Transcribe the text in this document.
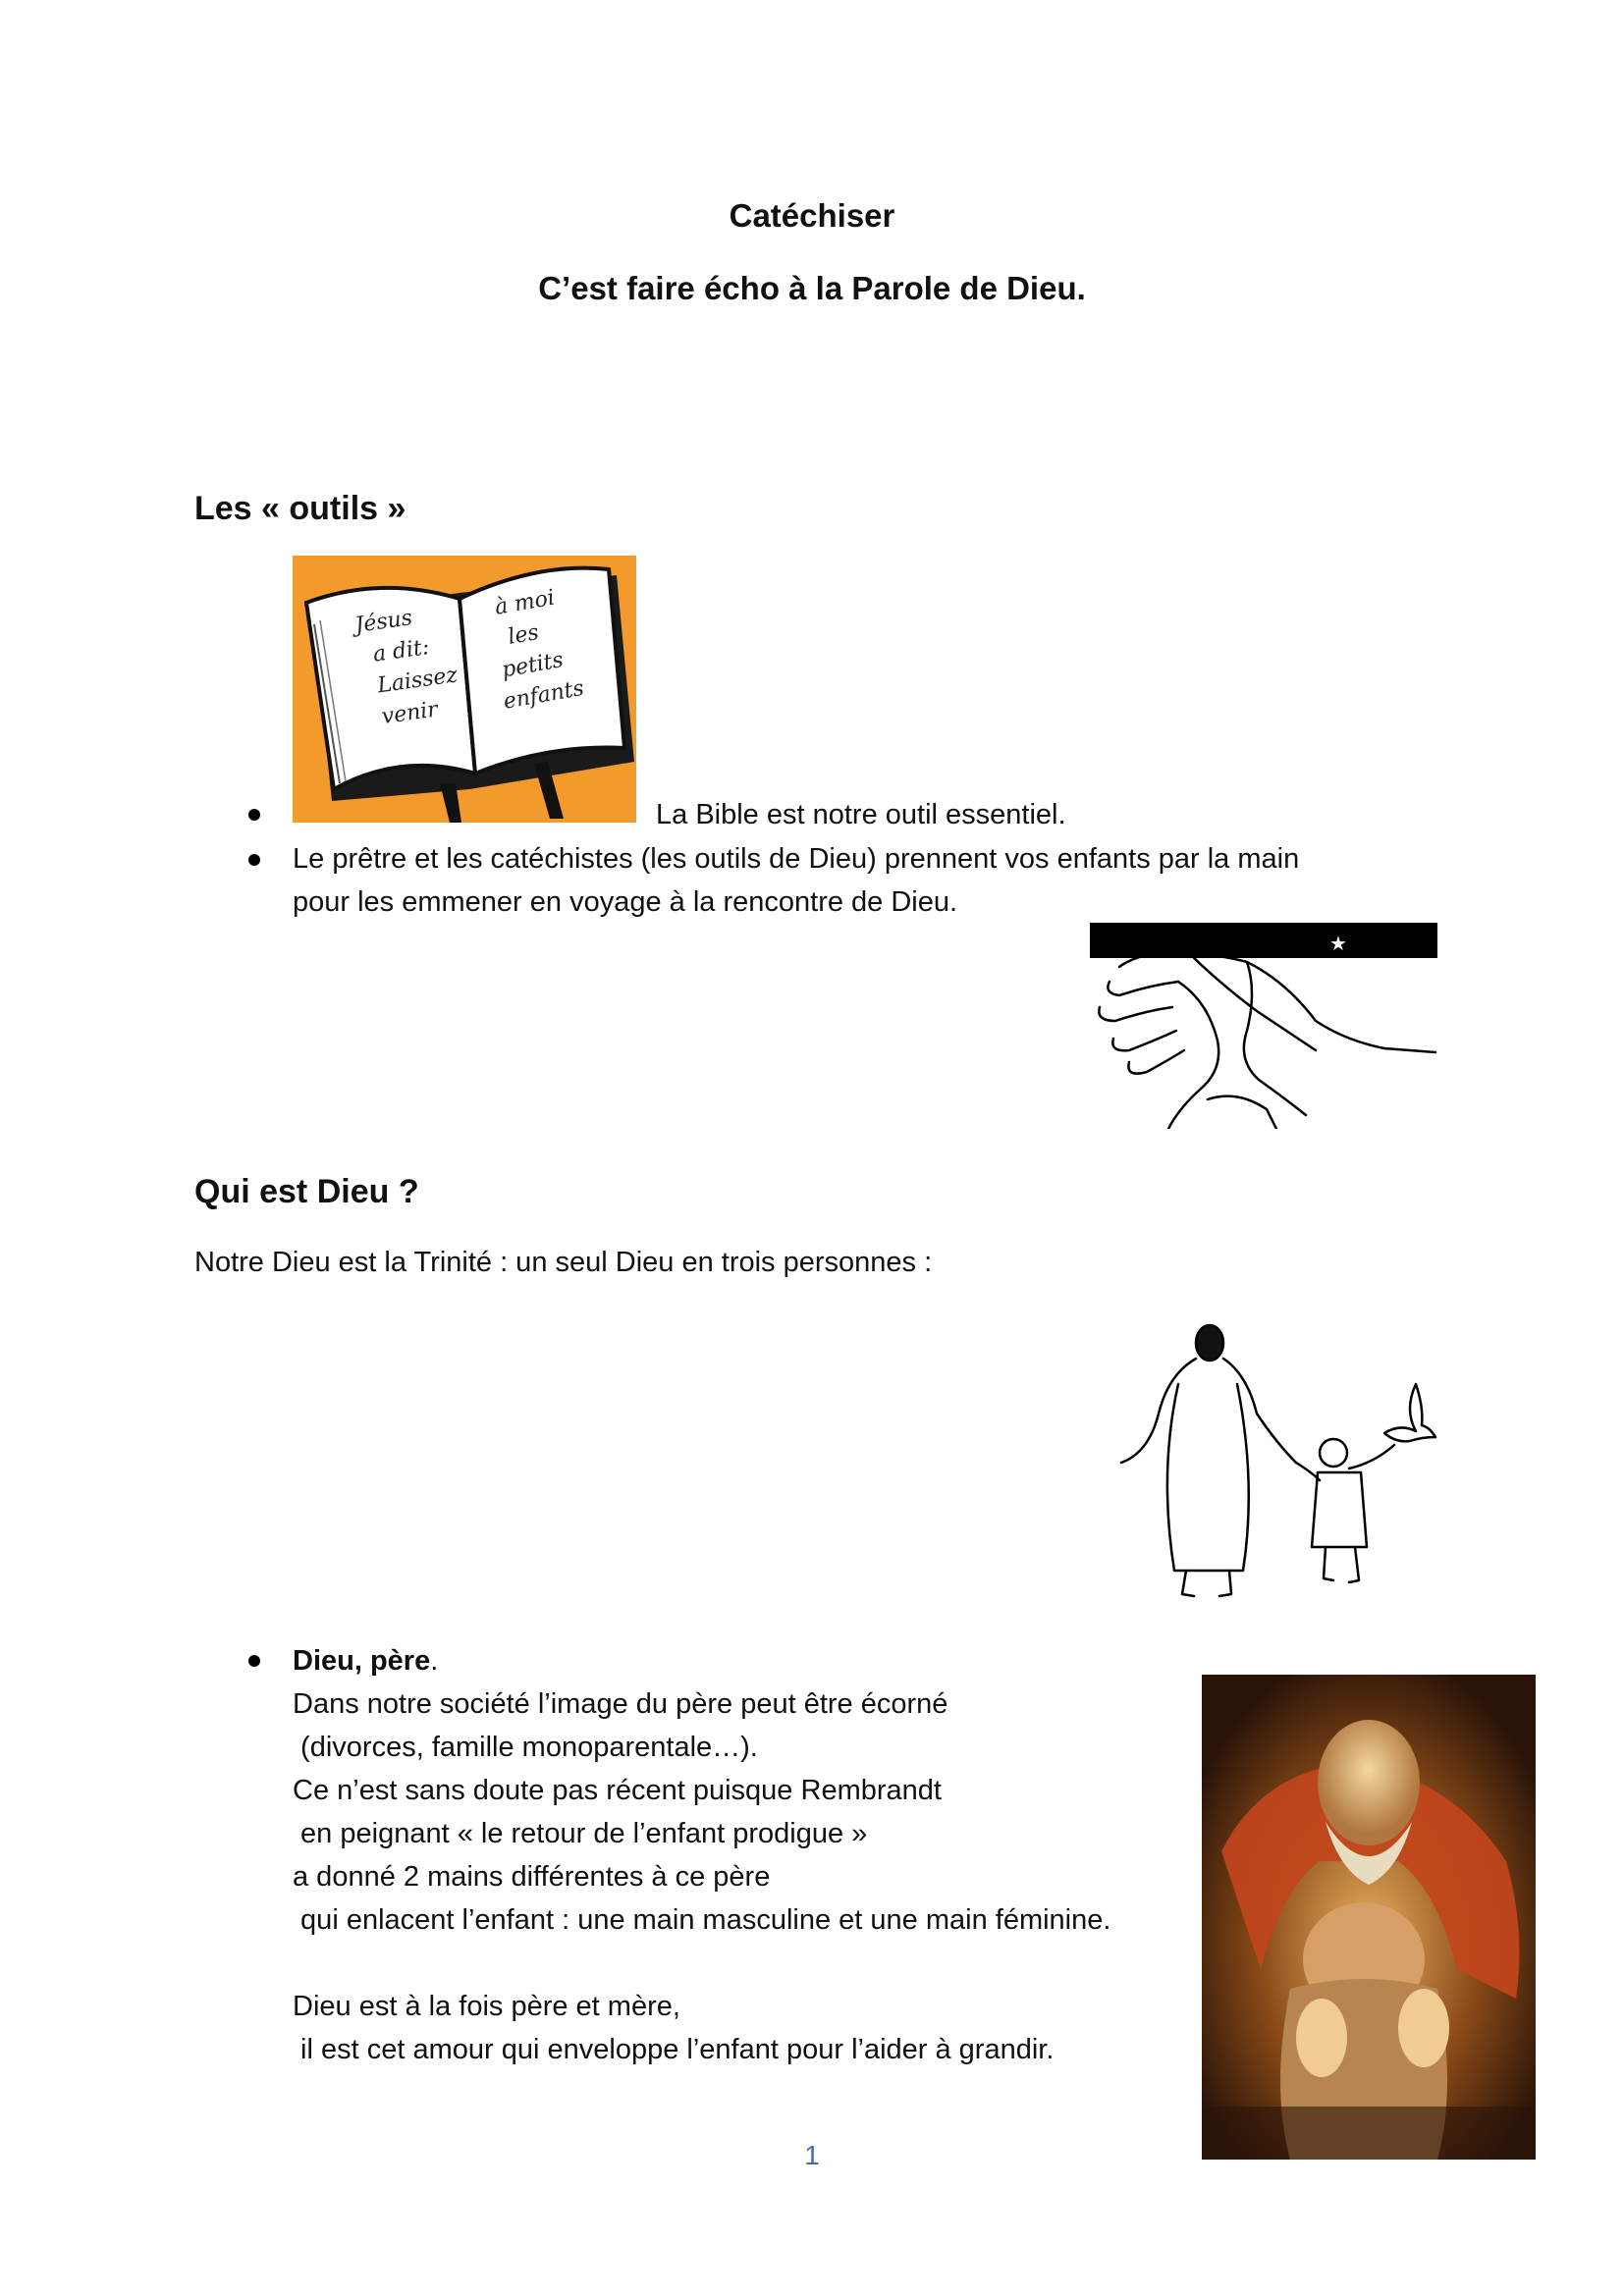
Catéchiser
C’est faire écho à la Parole de Dieu.
Les « outils »
Jésus
a dit:
Laissez
venir
à moi
les
petits
enfants
La Bible est notre outil essentiel.
Le prêtre et les catéchistes (les outils de Dieu) prennent vos enfants par la main
pour les emmener en voyage à la rencontre de Dieu.
★
Qui est Dieu ?
Notre Dieu est la Trinité : un seul Dieu en trois personnes :
Dieu, père.
Dans notre société l’image du père peut être écorné
(divorces, famille monoparentale…).
Ce n’est sans doute pas récent puisque Rembrandt
en peignant « le retour de l’enfant prodigue »
a donné 2 mains différentes à ce père
qui enlacent l’enfant : une main masculine et une main féminine.
Dieu est à la fois père et mère,
il est cet amour qui enveloppe l’enfant pour l’aider à grandir.
1
